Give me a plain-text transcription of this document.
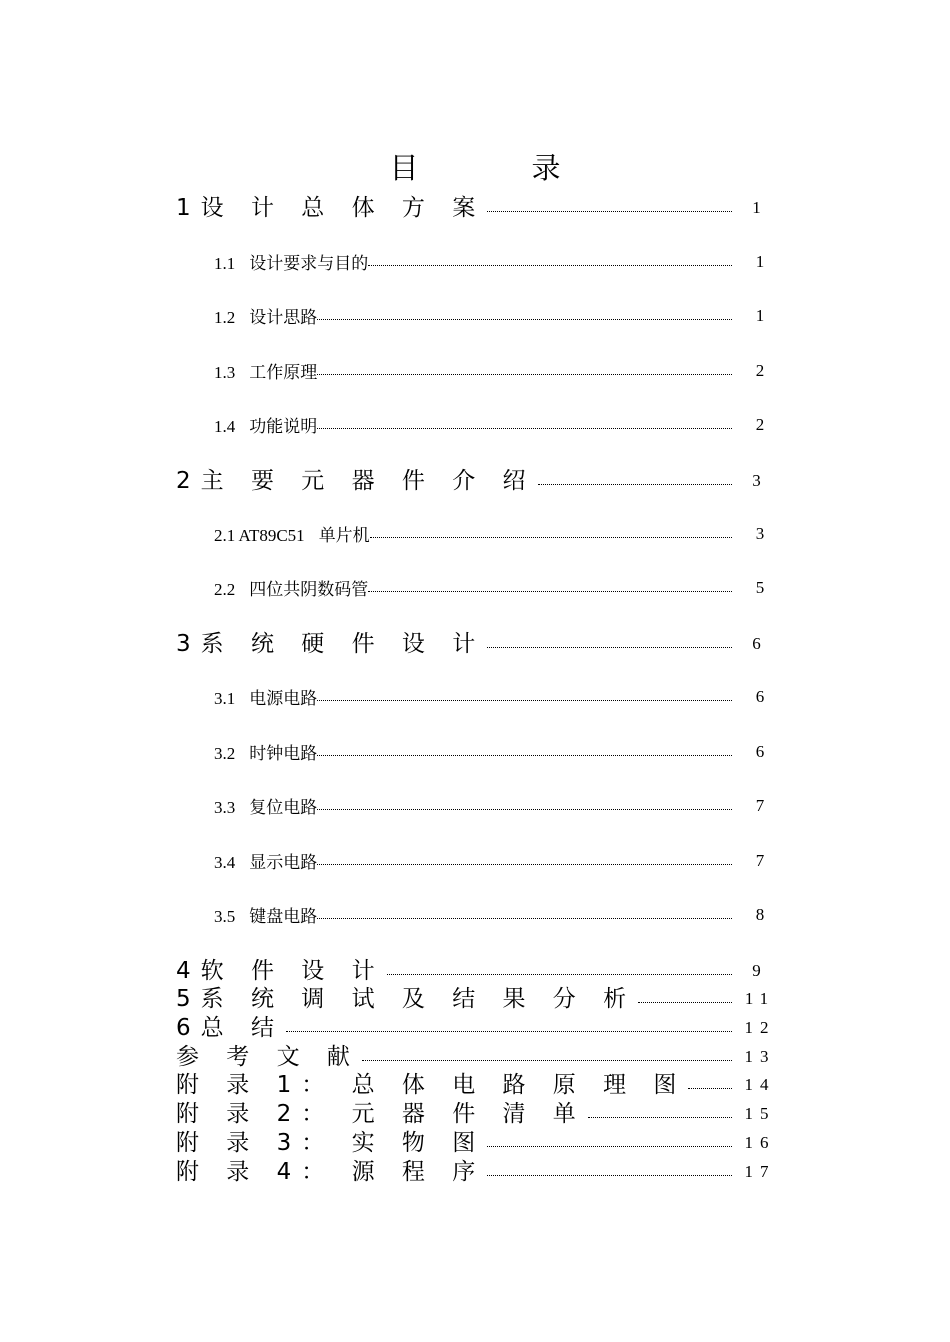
目　录
1设 计 总 体 方 案	1
1.1 设计要求与目的	1
1.2 设计思路	1
1.3 工作原理	2
1.4 功能说明	2
2主 要 元 器 件 介 绍	3
2.1 AT89C51 单片机	3
2.2 四位共阴数码管	5
3系 统 硬 件 设 计	6
3.1 电源电路	6
3.2 时钟电路	6
3.3 复位电路	7
3.4 显示电路	7
3.5 键盘电路	8
4软 件 设 计	9
5系 统 调 试 及 结 果 分 析	11
6总 结	12
参 考 文 献	13
附 录 1： 总 体 电 路 原 理 图	14
附 录 2： 元 器 件 清 单	15
附 录 3： 实 物 图	16
附 录 4： 源 程 序	17
